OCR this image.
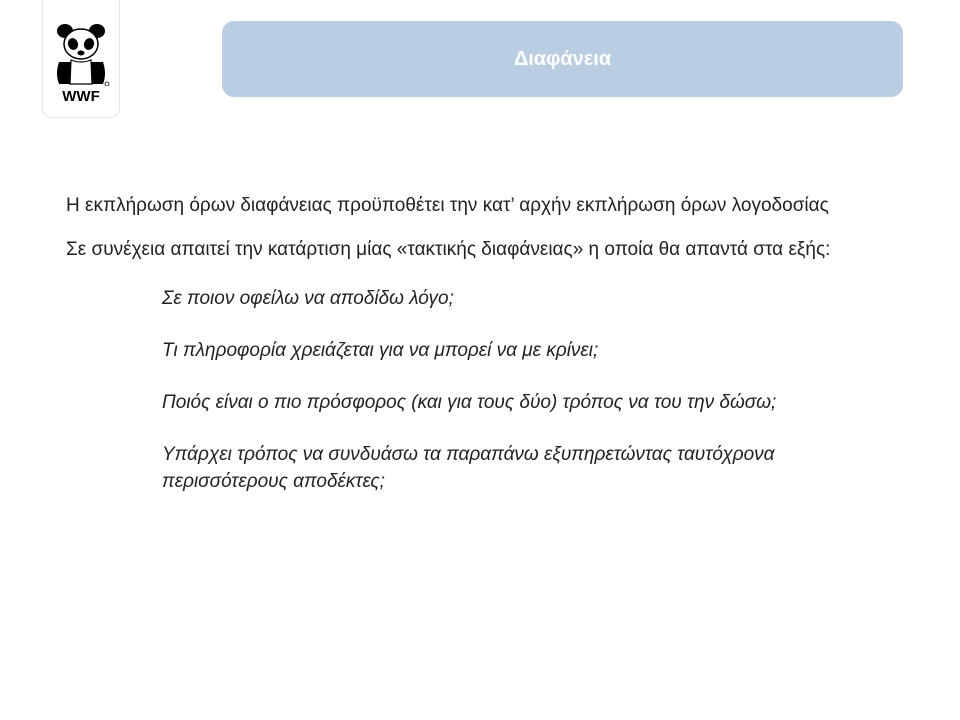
WWF
Διαφάνεια

Η εκπλήρωση όρων διαφάνειας προϋποθέτει την κατ’ αρχήν εκπλήρωση όρων λογοδοσίας

Σε συνέχεια απαιτεί την κατάρτιση μίας «τακτικής διαφάνειας» η οποία θα απαντά στα εξής:

Σε ποιον οφείλω να αποδίδω λόγο;

Τι πληροφορία χρειάζεται για να μπορεί να με κρίνει;

Ποιός είναι ο πιο πρόσφορος (και για τους δύο) τρόπος να του την δώσω;

Υπάρχει τρόπος να συνδυάσω τα παραπάνω εξυπηρετώντας ταυτόχρονα περισσότερους αποδέκτες;
